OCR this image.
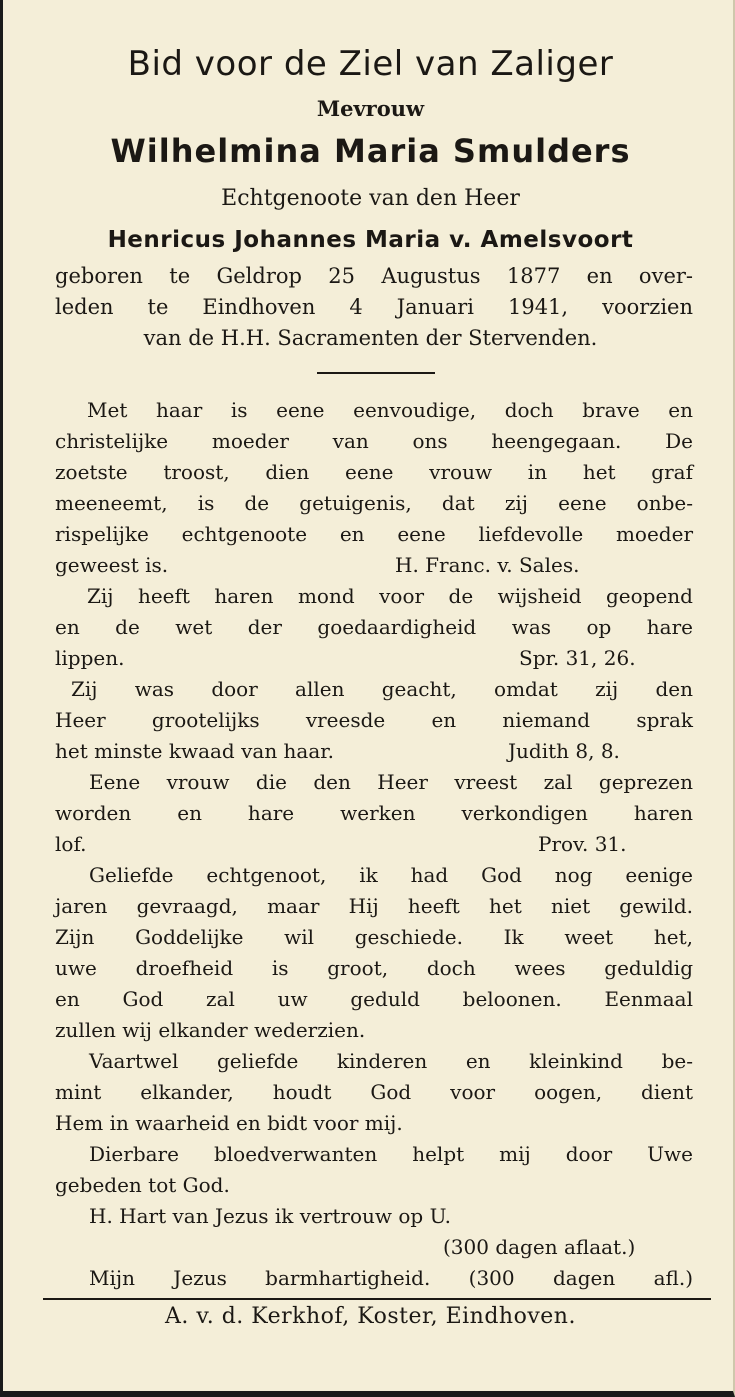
Bid voor de Ziel van Zaliger
Mevrouw
Wilhelmina Maria Smulders
Echtgenoote van den Heer
Henricus Johannes Maria v. Amelsvoort
geboren te Geldrop 25 Augustus 1877 en over-
leden te Eindhoven 4 Januari 1941, voorzien
van de H.H. Sacramenten der Stervenden.
Met haar is eene eenvoudige, doch brave en
christelijke moeder van ons heengegaan. De
zoetste troost, dien eene vrouw in het graf
meeneemt, is de getuigenis, dat zij eene onbe-
rispelijke echtgenoote en eene liefdevolle moeder
geweest is.	H. Franc. v. Sales.
Zij heeft haren mond voor de wijsheid geopend
en de wet der goedaardigheid was op hare
lippen.	Spr. 31, 26.
Zij was door allen geacht, omdat zij den
Heer grootelijks vreesde en niemand sprak
het minste kwaad van haar.	Judith 8, 8.
Eene vrouw die den Heer vreest zal geprezen
worden en hare werken verkondigen haren
lof.	Prov. 31.
Geliefde echtgenoot, ik had God nog eenige
jaren gevraagd, maar Hij heeft het niet gewild.
Zijn Goddelijke wil geschiede. Ik weet het,
uwe droefheid is groot, doch wees geduldig
en God zal uw geduld beloonen. Eenmaal
zullen wij elkander wederzien.
Vaartwel geliefde kinderen en kleinkind be-
mint elkander, houdt God voor oogen, dient
Hem in waarheid en bidt voor mij.
Dierbare bloedverwanten helpt mij door Uwe
gebeden tot God.
H. Hart van Jezus ik vertrouw op U.
(300 dagen aflaat.)
Mijn Jezus barmhartigheid. (300 dagen afl.)
A. v. d. Kerkhof, Koster, Eindhoven.
